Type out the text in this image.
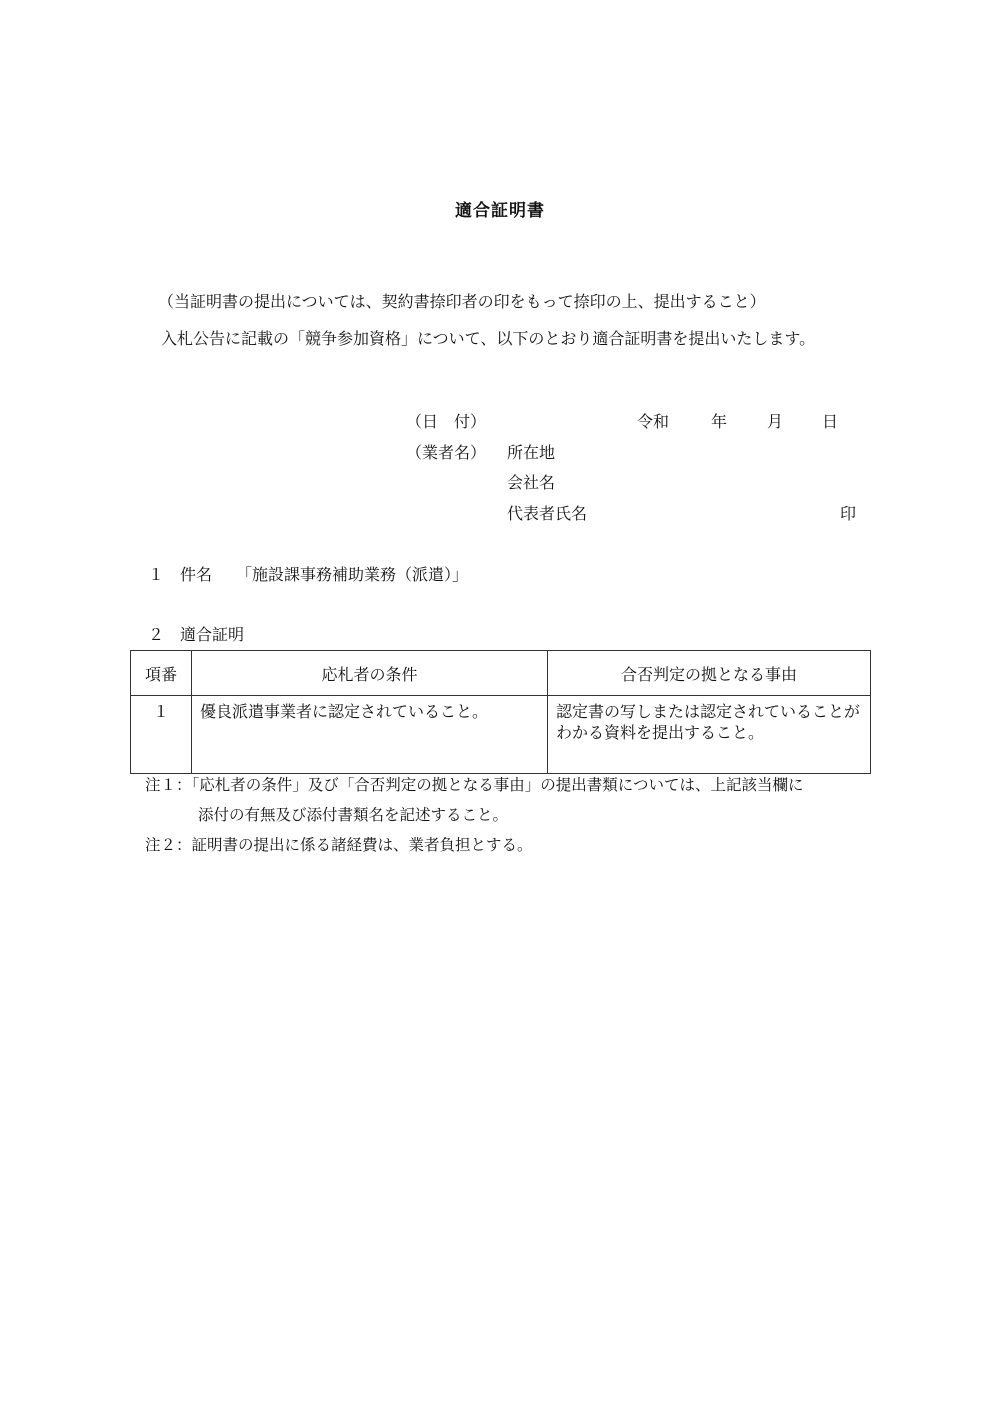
適合証明書
（当証明書の提出については、契約書捺印者の印をもって捺印の上、提出すること）
入札公告に記載の「競争参加資格」について、以下のとおり適合証明書を提出いたします。
（日　付）	令和	年 月 日
（業者名） 所在地
会社名
代表者氏名	印
１ 件名 「施設課事務補助業務（派遣）」
２ 適合証明
項番	応札者の条件	合否判定の拠となる事由
１	優良派遣事業者に認定されていること。	認定書の写しまたは認定されていることがわかる資料を提出すること。
注１：「応札者の条件」及び「合否判定の拠となる事由」の提出書類については、上記該当欄に
添付の有無及び添付書類名を記述すること。
注２：証明書の提出に係る諸経費は、業者負担とする。
